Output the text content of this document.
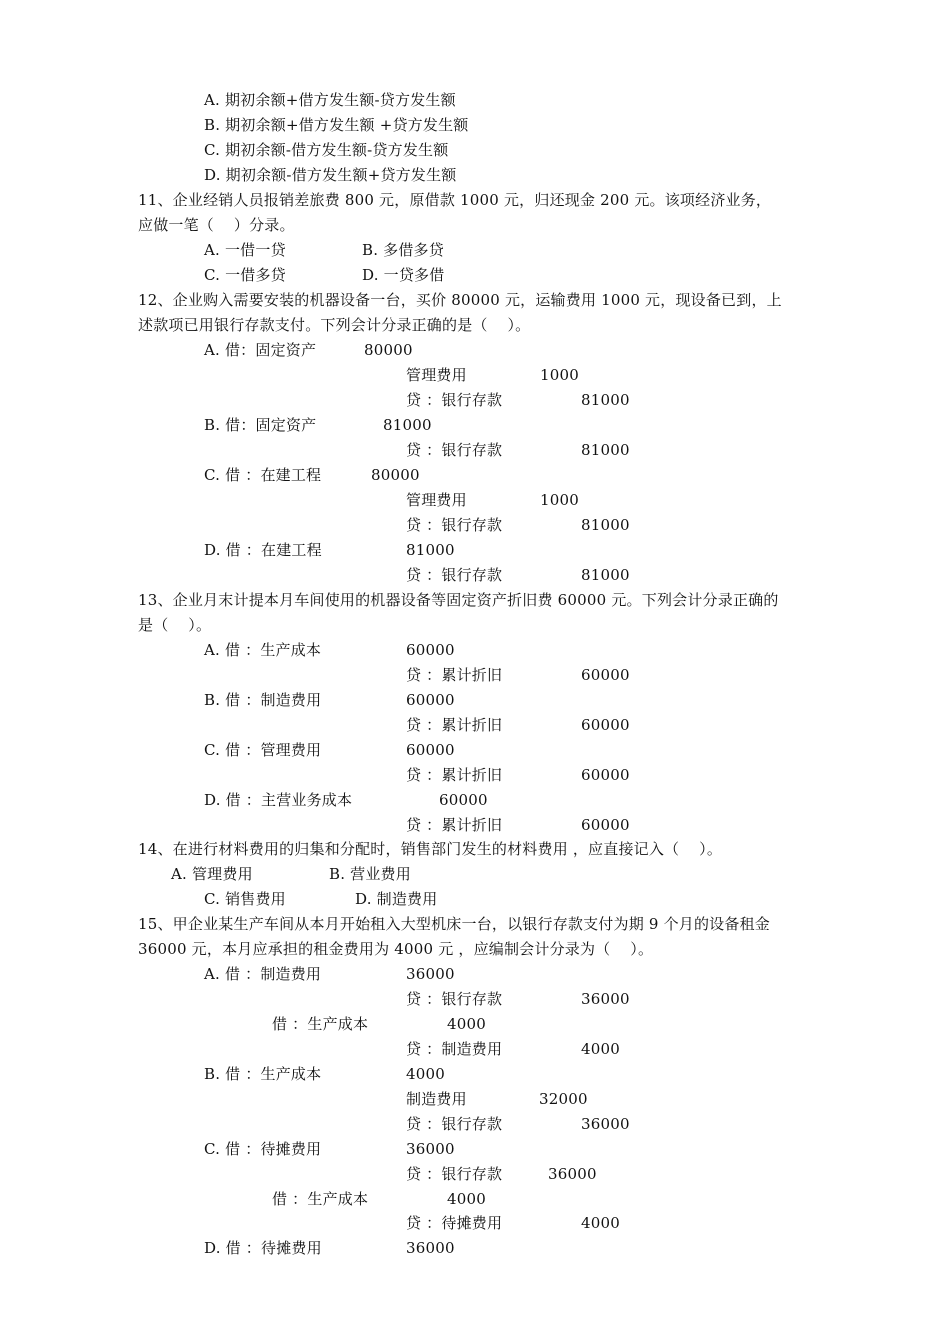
A. 期初余额+借方发生额-贷方发生额
B. 期初余额+借方发生额 +贷方发生额
C. 期初余额-借方发生额-贷方发生额
D. 期初余额-借方发生额+贷方发生额
11、企业经销人员报销差旅费 800 元，原借款 1000 元，归还现金 200 元。该项经济业务，
应做一笔（    ）分录。
A. 一借一贷	B. 多借多贷
C. 一借多贷	D. 一贷多借
12、企业购入需要安装的机器设备一台，买价 80000 元，运输费用 1000 元，现设备已到，上
述款项已用银行存款支付。下列会计分录正确的是（    ）。
A. 借：固定资产	80000
管理费用	1000
贷 ：银行存款	81000
B. 借：固定资产	81000
贷 ：银行存款	81000
C. 借 ：在建工程	80000
管理费用	1000
贷 ：银行存款	81000
D. 借 ：在建工程	81000
贷 ：银行存款	81000
13、企业月末计提本月车间使用的机器设备等固定资产折旧费 60000 元。下列会计分录正确的
是（    ）。
A. 借 ：生产成本	60000
贷 ：累计折旧	60000
B. 借 ：制造费用	60000
贷 ：累计折旧	60000
C. 借 ：管理费用	60000
贷 ：累计折旧	60000
D. 借 ：主营业务成本	60000
贷 ：累计折旧	60000
14、在进行材料费用的归集和分配时，销售部门发生的材料费用 ，应直接记入（    ）。
A. 管理费用	B. 营业费用
C. 销售费用	D. 制造费用
15、甲企业某生产车间从本月开始租入大型机床一台，以银行存款支付为期 9 个月的设备租金
36000 元，本月应承担的租金费用为 4000 元 ，应编制会计分录为（    ）。
A. 借 ：制造费用	36000
贷 ：银行存款	36000
借 ：生产成本	4000
贷 ：制造费用	4000
B. 借 ：生产成本	4000
制造费用	32000
贷 ：银行存款	36000
C. 借 ：待摊费用	36000
贷 ：银行存款	36000
借 ：生产成本	4000
贷 ：待摊费用	4000
D. 借 ：待摊费用	36000
